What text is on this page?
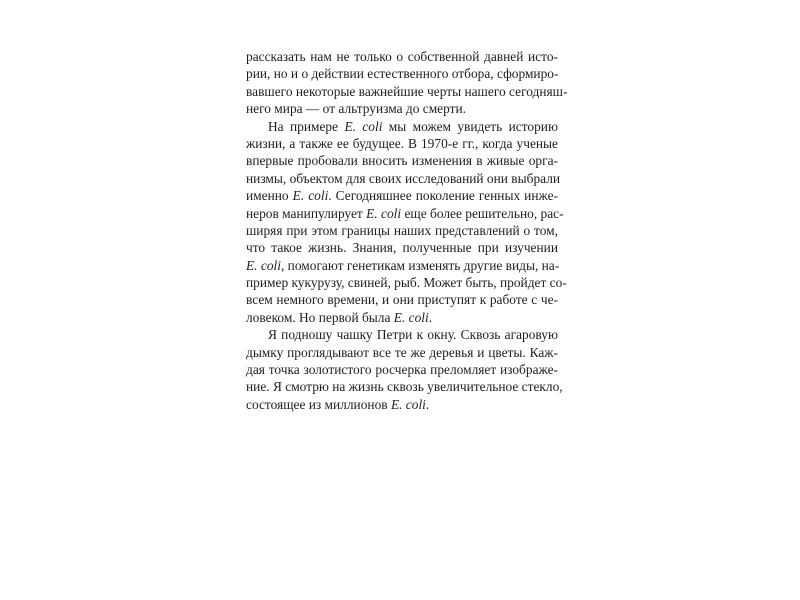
рассказать нам не только о собственной давней исто-
рии, но и о действии естественного отбора, сформиро-
вавшего некоторые важнейшие черты нашего сегодняш-
него мира — от альтруизма до смерти.
На примере E. coli мы можем увидеть историю
жизни, а также ее будущее. В 1970-е гг., когда ученые
впервые пробовали вносить изменения в живые орга-
низмы, объектом для своих исследований они выбрали
именно E. coli. Сегодняшнее поколение генных инже-
неров манипулирует E. coli еще более решительно, рас-
ширяя при этом границы наших представлений о том,
что такое жизнь. Знания, полученные при изучении
E. coli, помогают генетикам изменять другие виды, на-
пример кукурузу, свиней, рыб. Может быть, пройдет со-
всем немного времени, и они приступят к работе с че-
ловеком. Но первой была E. coli.
Я подношу чашку Петри к окну. Сквозь агаровую
дымку проглядывают все те же деревья и цветы. Каж-
дая точка золотистого росчерка преломляет изображе-
ние. Я смотрю на жизнь сквозь увеличительное стекло,
состоящее из миллионов E. coli.
